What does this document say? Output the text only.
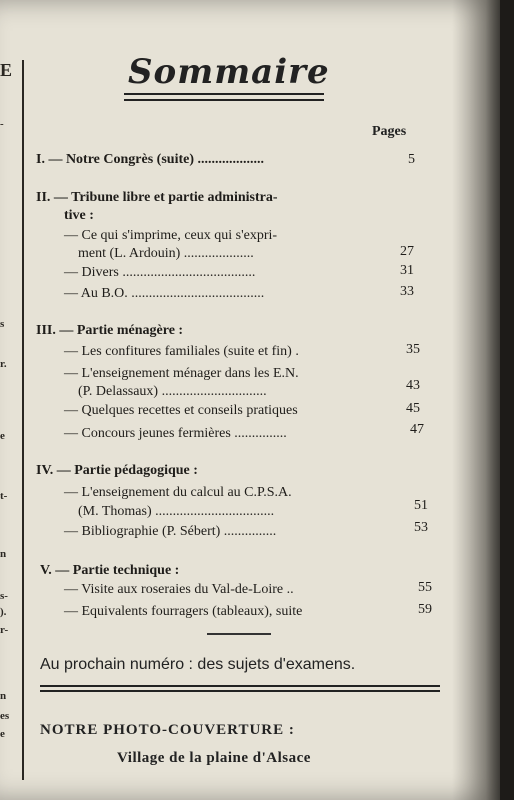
E
-
s
r.
e
t-
n
s-
).
r-
n
es
e
Sommaire
Pages
I. — Notre Congrès (suite) ...................	5
II. — Tribune libre et partie administra-
tive :
— Ce qui s'imprime, ceux qui s'expri-
ment (L. Ardouin) ....................	27
— Divers ......................................	31
— Au B.O. ......................................	33
III. — Partie ménagère :
— Les confitures familiales (suite et fin) .	35
— L'enseignement ménager dans les E.N.
(P. Delassaux) ..............................	43
— Quelques recettes et conseils pratiques	45
— Concours jeunes fermières ...............	47
IV. — Partie pédagogique :
— L'enseignement du calcul au C.P.S.A.
(M. Thomas) ..................................	51
— Bibliographie (P. Sébert) ...............	53
V. — Partie technique :
— Visite aux roseraies du Val-de-Loire ..	55
— Equivalents fourragers (tableaux), suite	59
Au prochain numéro : des sujets d'examens.
NOTRE PHOTO-COUVERTURE :
Village de la plaine d'Alsace
